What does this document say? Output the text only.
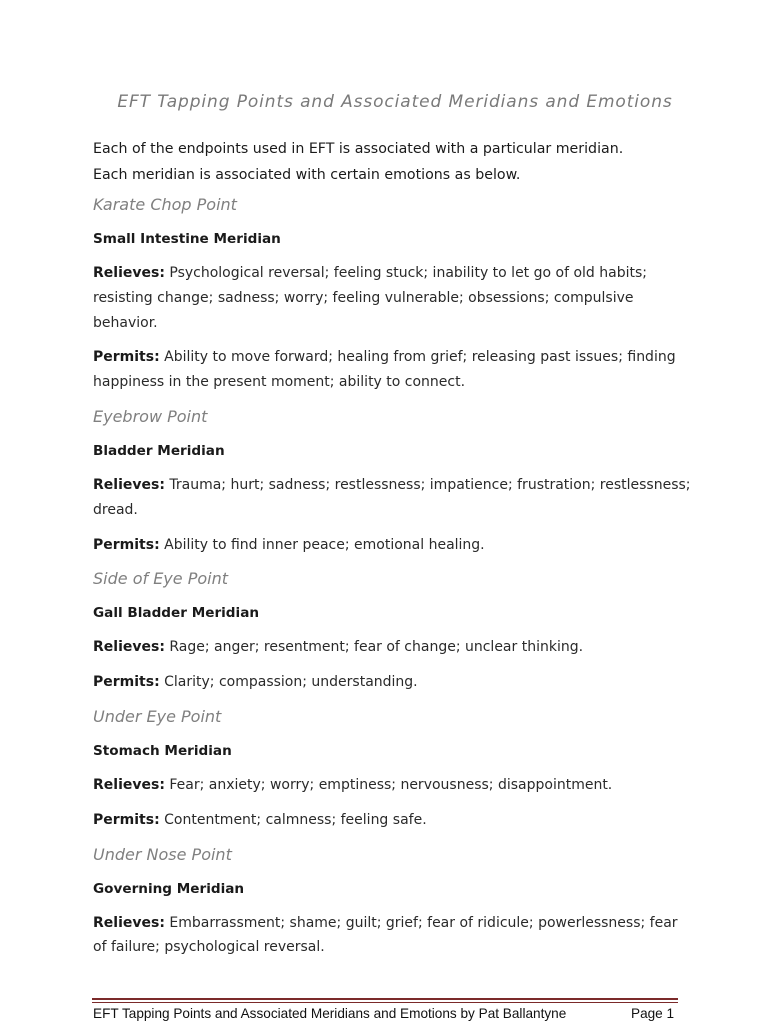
EFT Tapping Points and Associated Meridians and Emotions
Each of the endpoints used in EFT is associated with a particular meridian.
Each meridian is associated with certain emotions as below.
Karate Chop Point
Small Intestine Meridian
Relieves: Psychological reversal; feeling stuck; inability to let go of old habits; resisting change; sadness; worry; feeling vulnerable; obsessions; compulsive behavior.
Permits: Ability to move forward; healing from grief; releasing past issues; finding happiness in the present moment; ability to connect.
Eyebrow Point
Bladder Meridian
Relieves: Trauma; hurt; sadness; restlessness; impatience; frustration; restlessness; dread.
Permits: Ability to find inner peace; emotional healing.
Side of Eye Point
Gall Bladder Meridian
Relieves: Rage; anger; resentment; fear of change; unclear thinking.
Permits: Clarity; compassion; understanding.
Under Eye Point
Stomach Meridian
Relieves: Fear; anxiety; worry; emptiness; nervousness; disappointment.
Permits: Contentment; calmness; feeling safe.
Under Nose Point
Governing Meridian
Relieves: Embarrassment; shame; guilt; grief; fear of ridicule; powerlessness; fear of failure; psychological reversal.
EFT Tapping Points and Associated Meridians and Emotions by Pat Ballantyne	Page 1
